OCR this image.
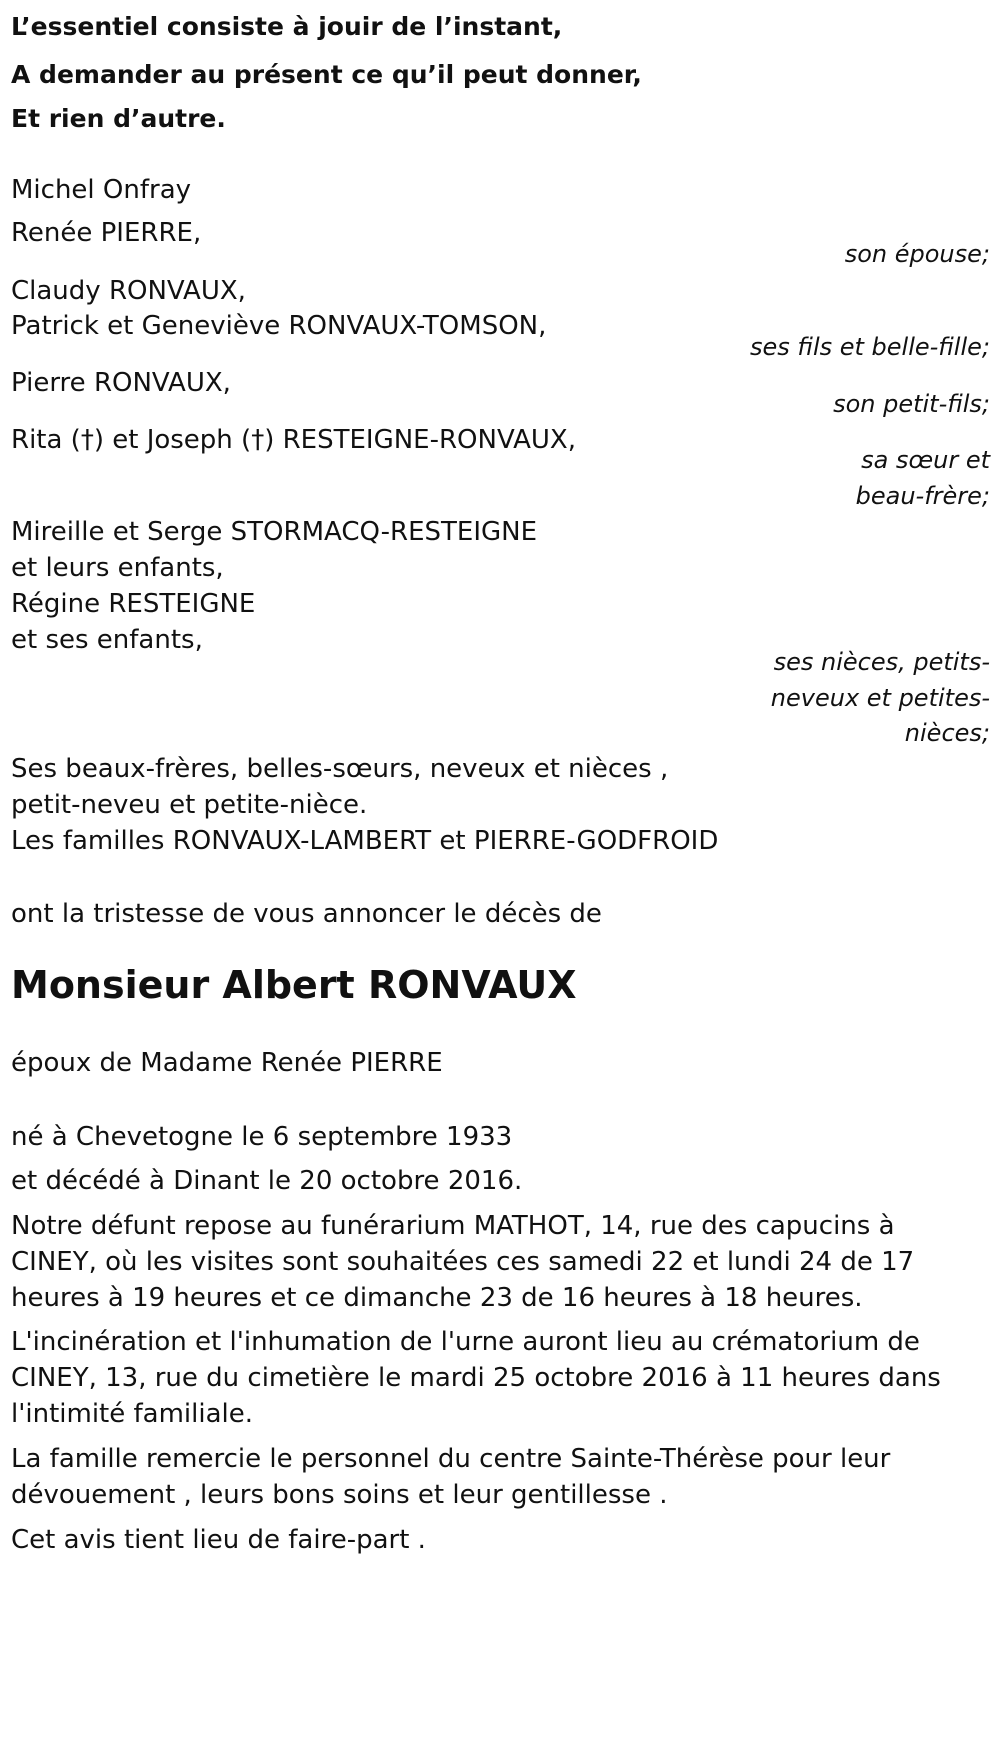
L’essentiel consiste à jouir de l’instant,
A demander au présent ce qu’il peut donner,
Et rien d’autre.
Michel Onfray
Renée PIERRE,
son épouse;
Claudy RONVAUX,
Patrick et Geneviève RONVAUX-TOMSON,
ses fils et belle-fille;
Pierre RONVAUX,
son petit-fils;
Rita (†) et Joseph (†) RESTEIGNE-RONVAUX,
sa sœur et
beau-frère;
Mireille et Serge STORMACQ-RESTEIGNE
et leurs enfants,
Régine RESTEIGNE
et ses enfants,
ses nièces, petits-
neveux et petites-
nièces;
Ses beaux-frères, belles-sœurs, neveux et nièces ,
petit-neveu et petite-nièce.
Les familles RONVAUX-LAMBERT et PIERRE-GODFROID
ont la tristesse de vous annoncer le décès de
Monsieur Albert RONVAUX
époux de Madame Renée PIERRE
né à Chevetogne le 6 septembre 1933
et décédé à Dinant le 20 octobre 2016.
Notre défunt repose au funérarium MATHOT, 14, rue des capucins à
CINEY, où les visites sont souhaitées ces samedi 22 et lundi 24 de 17
heures à 19 heures et ce dimanche 23 de 16 heures à 18 heures.
L'incinération et l'inhumation de l'urne auront lieu au crématorium de
CINEY, 13, rue du cimetière le mardi 25 octobre 2016 à 11 heures dans
l'intimité familiale.
La famille remercie le personnel du centre Sainte-Thérèse pour leur
dévouement , leurs bons soins et leur gentillesse .
Cet avis tient lieu de faire-part .
